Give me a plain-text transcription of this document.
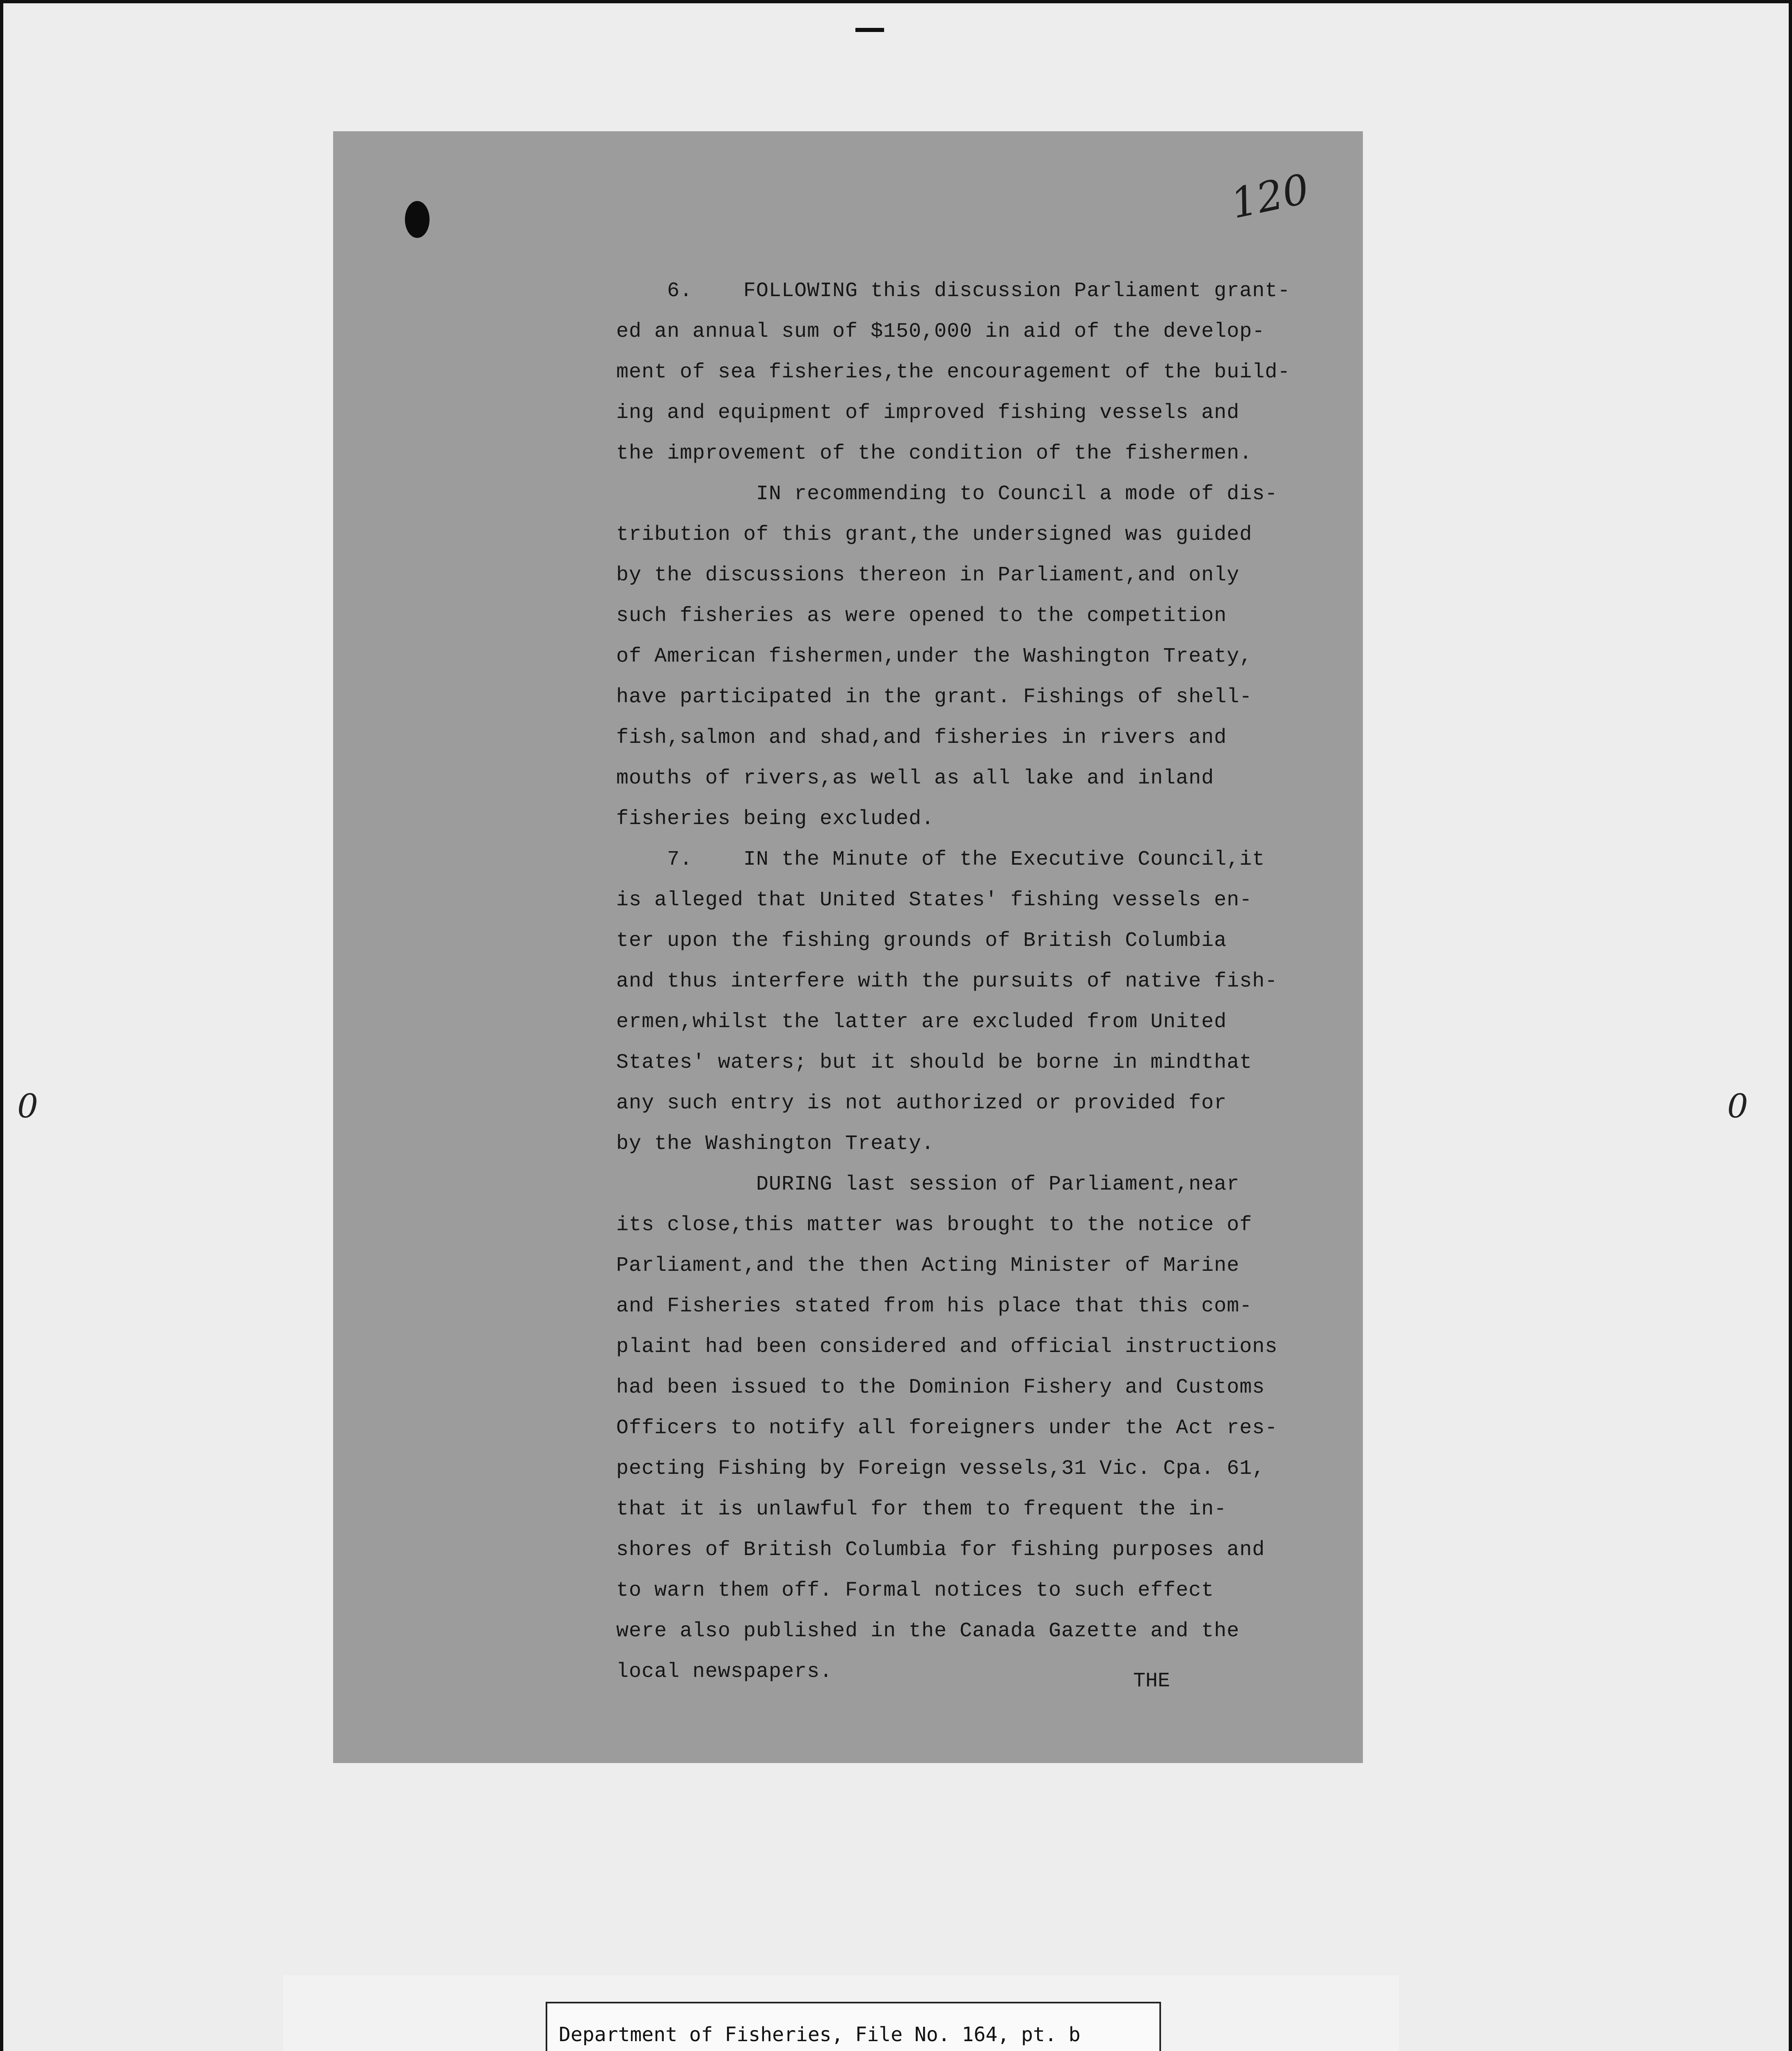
0	0
120
6.    FOLLOWING this discussion Parliament grant-
ed an annual sum of $150,000 in aid of the develop-
ment of sea fisheries,the encouragement of the build-
ing and equipment of improved fishing vessels and
the improvement of the condition of the fishermen.
IN recommending to Council a mode of dis-
tribution of this grant,the undersigned was guided
by the discussions thereon in Parliament,and only
such fisheries as were opened to the competition
of American fishermen,under the Washington Treaty,
have participated in the grant. Fishings of shell-
fish,salmon and shad,and fisheries in rivers and
mouths of rivers,as well as all lake and inland
fisheries being excluded.
7.    IN the Minute of the Executive Council,it
is alleged that United States' fishing vessels en-
ter upon the fishing grounds of British Columbia
and thus interfere with the pursuits of native fish-
ermen,whilst the latter are excluded from United
States' waters; but it should be borne in mindthat
any such entry is not authorized or provided for
by the Washington Treaty.
DURING last session of Parliament,near
its close,this matter was brought to the notice of
Parliament,and the then Acting Minister of Marine
and Fisheries stated from his place that this com-
plaint had been considered and official instructions
had been issued to the Dominion Fishery and Customs
Officers to notify all foreigners under the Act res-
pecting Fishing by Foreign vessels,31 Vic. Cpa. 61,
that it is unlawful for them to frequent the in-
shores of British Columbia for fishing purposes and
to warn them off. Formal notices to such effect
were also published in the Canada Gazette and the
local newspapers.	THE
Department of Fisheries, File No. 164, pt. b
